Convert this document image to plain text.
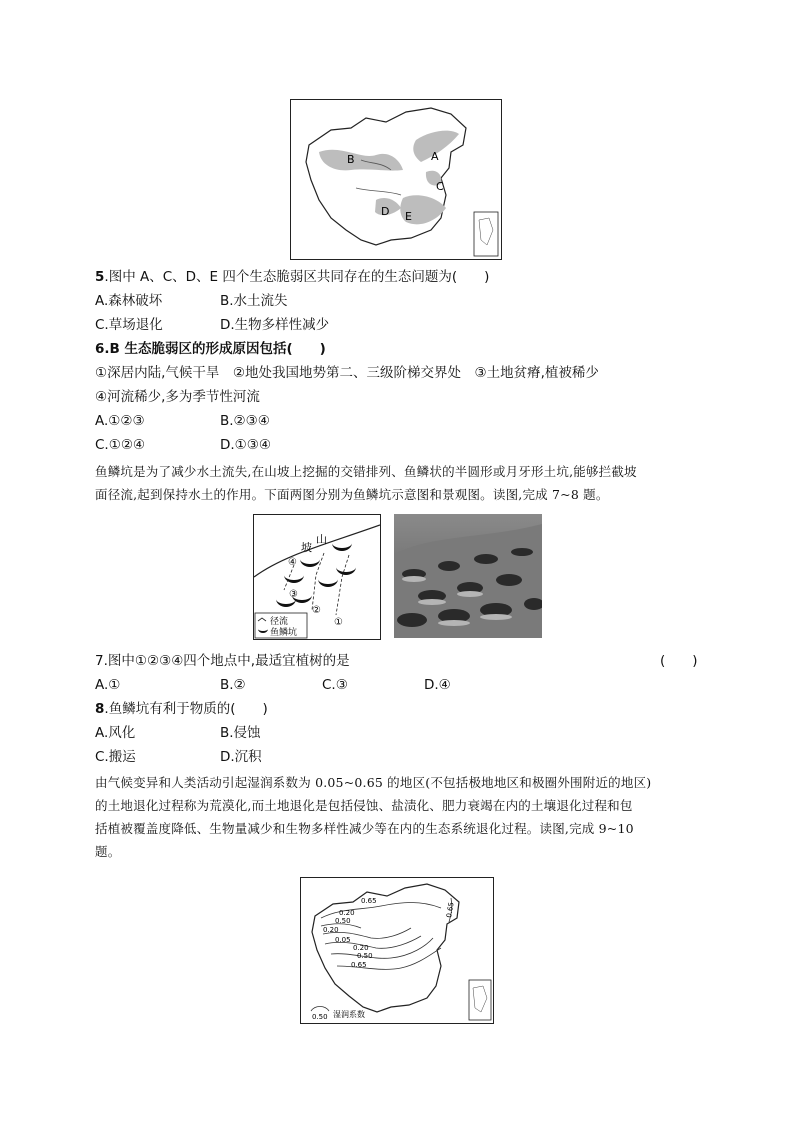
A
B
C
D E
5.图中 A、C、D、E 四个生态脆弱区共同存在的生态问题为(　　)
A.森林破坏	B.水土流失
C.草场退化	D.生物多样性减少
6.B 生态脆弱区的形成原因包括(　　)
①深居内陆,气候干旱　②地处我国地势第二、三级阶梯交界处　③土地贫瘠,植被稀少
④河流稀少,多为季节性河流
A.①②③	B.②③④
C.①②④	D.①③④
鱼鳞坑是为了减少水土流失,在山坡上挖掘的交错排列、鱼鳞状的半圆形或月牙形土坑,能够拦截坡
面径流,起到保持水土的作用。下面两图分别为鱼鳞坑示意图和景观图。读图,完成 7~8 题。
山
坡
④
③
②
①
径流
鱼鳞坑
7.图中①②③④四个地点中,最适宜植树的是	(　　)
A.①	B.②	C.③	D.④
8.鱼鳞坑有利于物质的(　　)
A.风化	B.侵蚀
C.搬运	D.沉积
由气候变异和人类活动引起湿润系数为 0.05~0.65 的地区(不包括极地地区和极圈外围附近的地区)
的土地退化过程称为荒漠化,而土地退化是包括侵蚀、盐渍化、肥力衰竭在内的土壤退化过程和包
括植被覆盖度降低、生物量减少和生物多样性减少等在内的生态系统退化过程。读图,完成 9~10
题。
0.65
0.20
0.50
0.20
0.05
0.20
0.50
0.65
0.65
0.50 湿润系数
